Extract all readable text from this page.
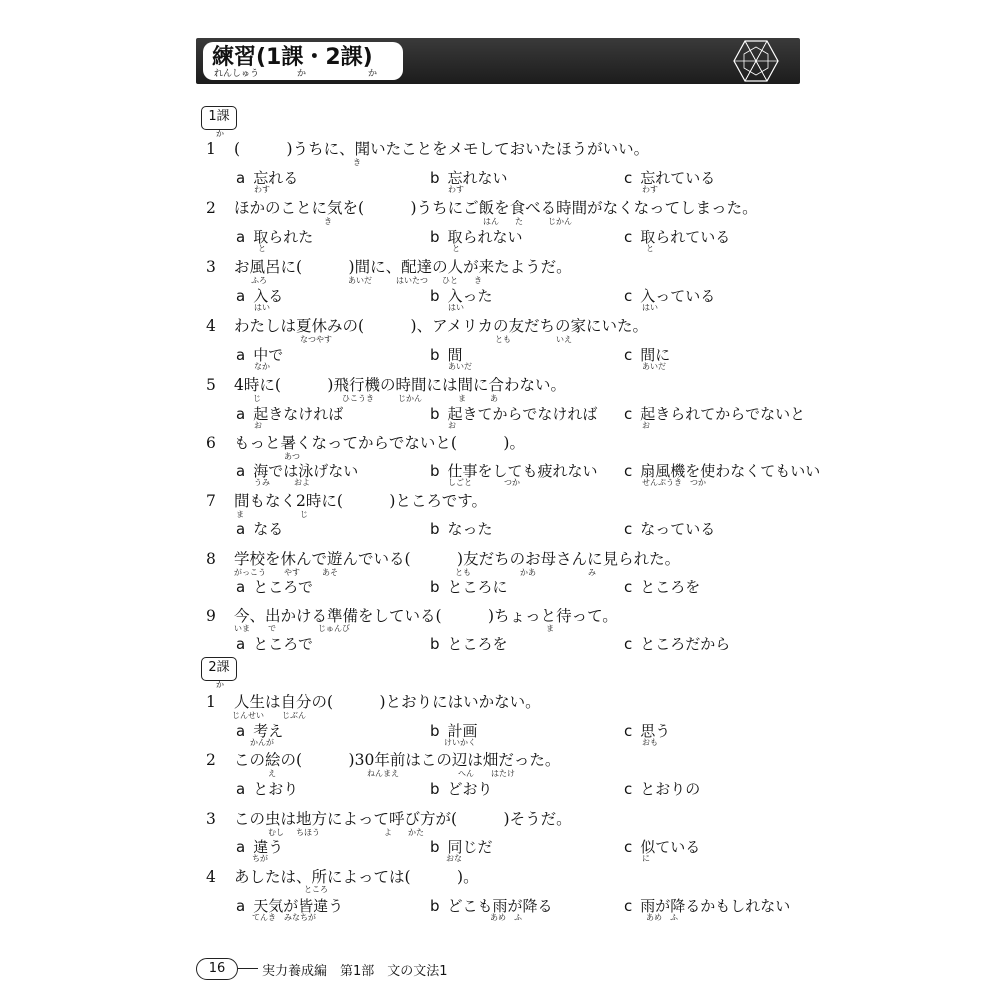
練習(1課・2課)
れんしゅう	か	か
1課
か
1 (　　　)うちに、聞いたことをメモしておいたほうがいい。
き
a 忘れる
わす
b 忘れない
わす
c 忘れている
わす
2 ほかのことに気を(　　　)うちにご飯を食べる時間がなくなってしまった。
き	はん た	じかん
a 取られた
と
b 取られない
と
c 取られている
と
3 お風呂に(　　　)間に、配達の人が来たようだ。
ふろ	あいだ	はいたつ ひと き
a 入る
はい
b 入った
はい
c 入っている
はい
4 わたしは夏休みの(　　　)、アメリカの友だちの家にいた。
なつやす	とも	いえ
a 中で
なか
b 間
あいだ
c 間に
あいだ
5 4時に(　　　)飛行機の時間には間に合わない。
じ	ひこうき	じかん	ま	あ
a 起きなければ
お
b 起きてからでなければ
お
c 起きられてからでないと
お
6 もっと暑くなってからでないと(　　　)。
あつ
a 海では泳げない
うみ　　　およ
b 仕事をしても疲れない
しごと　　　　つか
c 扇風機を使わなくてもいい
せんぷうき　つか
7 間もなく2時に(　　　)ところです。
ま	じ
a なる	b なった	c なっている
8 学校を休んで遊んでいる(　　　)友だちのお母さんに見られた。
がっこう やす	あそ	とも	かあ	み
a ところで	b ところに	c ところを
9 今、出かける準備をしている(　　　)ちょっと待って。
いま で	じゅんび	ま
a ところで	b ところを	c ところだから
2課
か
1 人生は自分の(　　　)とおりにはいかない。
じんせい じぶん
a 考え
かんが
b 計画
けいかく
c 思う
おも
2 この絵の(　　　)30年前はこの辺は畑だった。
え	ねんまえ	へん はたけ
a とおり	b どおり	c とおりの
3 この虫は地方によって呼び方が(　　　)そうだ。
むし ちほう	よ かた
a 違う
ちが
b 同じだ
おな
c 似ている
に
4 あしたは、所によっては(　　　)。
ところ
a 天気が皆違う
てんき　みなちが
b どこも雨が降る
あめ　ふ
c 雨が降るかもしれない
あめ　ふ
16	実力養成編　第1部　文の文法1
